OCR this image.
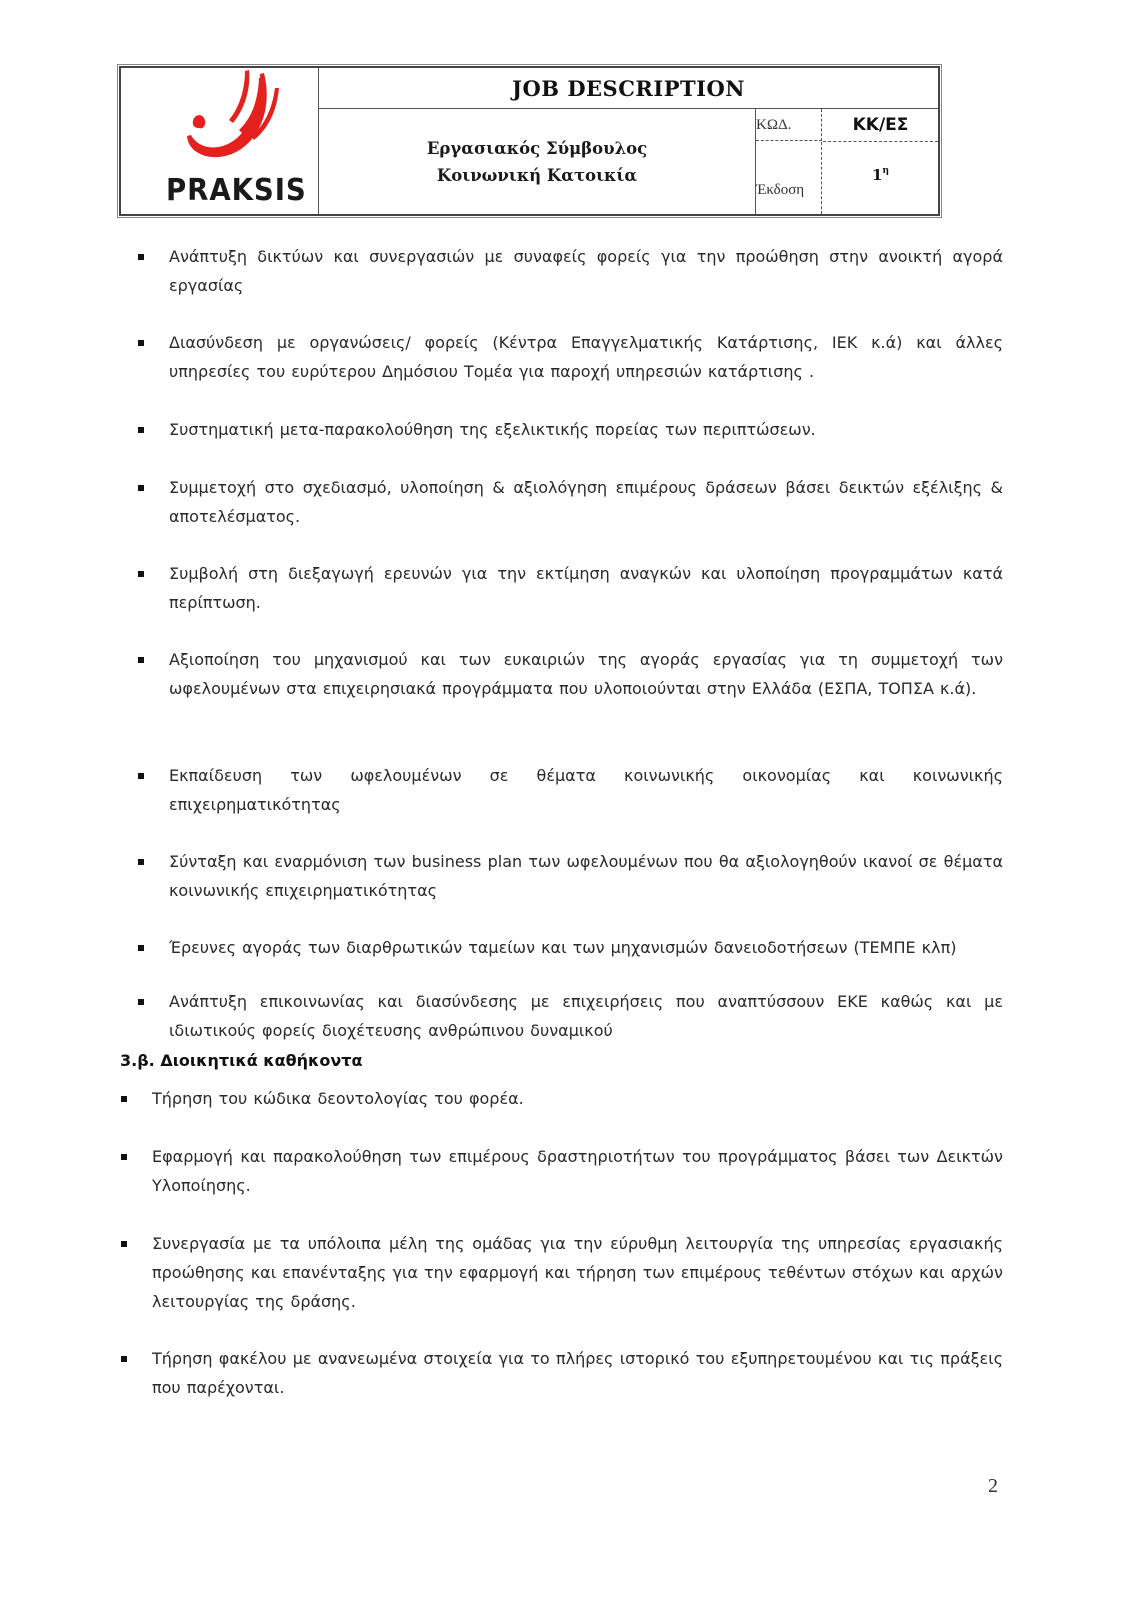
PRAKSIS
JOB DESCRIPTION
Εργασιακός Σύμβουλος
Κοινωνική Κατοικία
ΚΩΔ.	ΚΚ/ΕΣ
Έκδοση
$1^\eta$
Ανάπτυξη δικτύων και συνεργασιών με συναφείς φορείς για την προώθηση στην ανοικτή αγορά εργασίας
Διασύνδεση με οργανώσεις/ φορείς (Κέντρα Επαγγελματικής Κατάρτισης, ΙΕΚ κ.ά) και άλλες υπηρεσίες του ευρύτερου Δημόσιου Τομέα για παροχή υπηρεσιών κατάρτισης .
Συστηματική μετα-παρακολούθηση της εξελικτικής πορείας των περιπτώσεων.
Συμμετοχή στο σχεδιασμό, υλοποίηση & αξιολόγηση επιμέρους δράσεων βάσει δεικτών εξέλιξης & αποτελέσματος.
Συμβολή στη διεξαγωγή ερευνών για την εκτίμηση αναγκών και υλοποίηση προγραμμάτων κατά περίπτωση.
Αξιοποίηση του μηχανισμού και των ευκαιριών της αγοράς εργασίας για τη συμμετοχή των ωφελουμένων στα επιχειρησιακά προγράμματα που υλοποιούνται στην Ελλάδα (ΕΣΠΑ, ΤΟΠΣΑ κ.ά).
Εκπαίδευση των ωφελουμένων σε θέματα κοινωνικής οικονομίας και κοινωνικής επιχειρηματικότητας
Σύνταξη και εναρμόνιση των business plan των ωφελουμένων που θα αξιολογηθούν ικανοί σε θέματα κοινωνικής επιχειρηματικότητας
Έρευνες αγοράς των διαρθρωτικών ταμείων και των μηχανισμών δανειοδοτήσεων (ΤΕΜΠΕ κλπ)
Ανάπτυξη επικοινωνίας και διασύνδεσης με επιχειρήσεις που αναπτύσσουν ΕΚΕ καθώς και με ιδιωτικούς φορείς διοχέτευσης ανθρώπινου δυναμικού
3.β. Διοικητικά καθήκοντα
Τήρηση του κώδικα δεοντολογίας του φορέα.
Εφαρμογή και παρακολούθηση των επιμέρους δραστηριοτήτων του προγράμματος βάσει των Δεικτών Υλοποίησης.
Συνεργασία με τα υπόλοιπα μέλη της ομάδας για την εύρυθμη λειτουργία της υπηρεσίας εργασιακής προώθησης και επανένταξης για την εφαρμογή και τήρηση των επιμέρους τεθέντων στόχων και αρχών λειτουργίας της δράσης.
Τήρηση φακέλου με ανανεωμένα στοιχεία για το πλήρες ιστορικό του εξυπηρετουμένου και τις πράξεις που παρέχονται.
2
